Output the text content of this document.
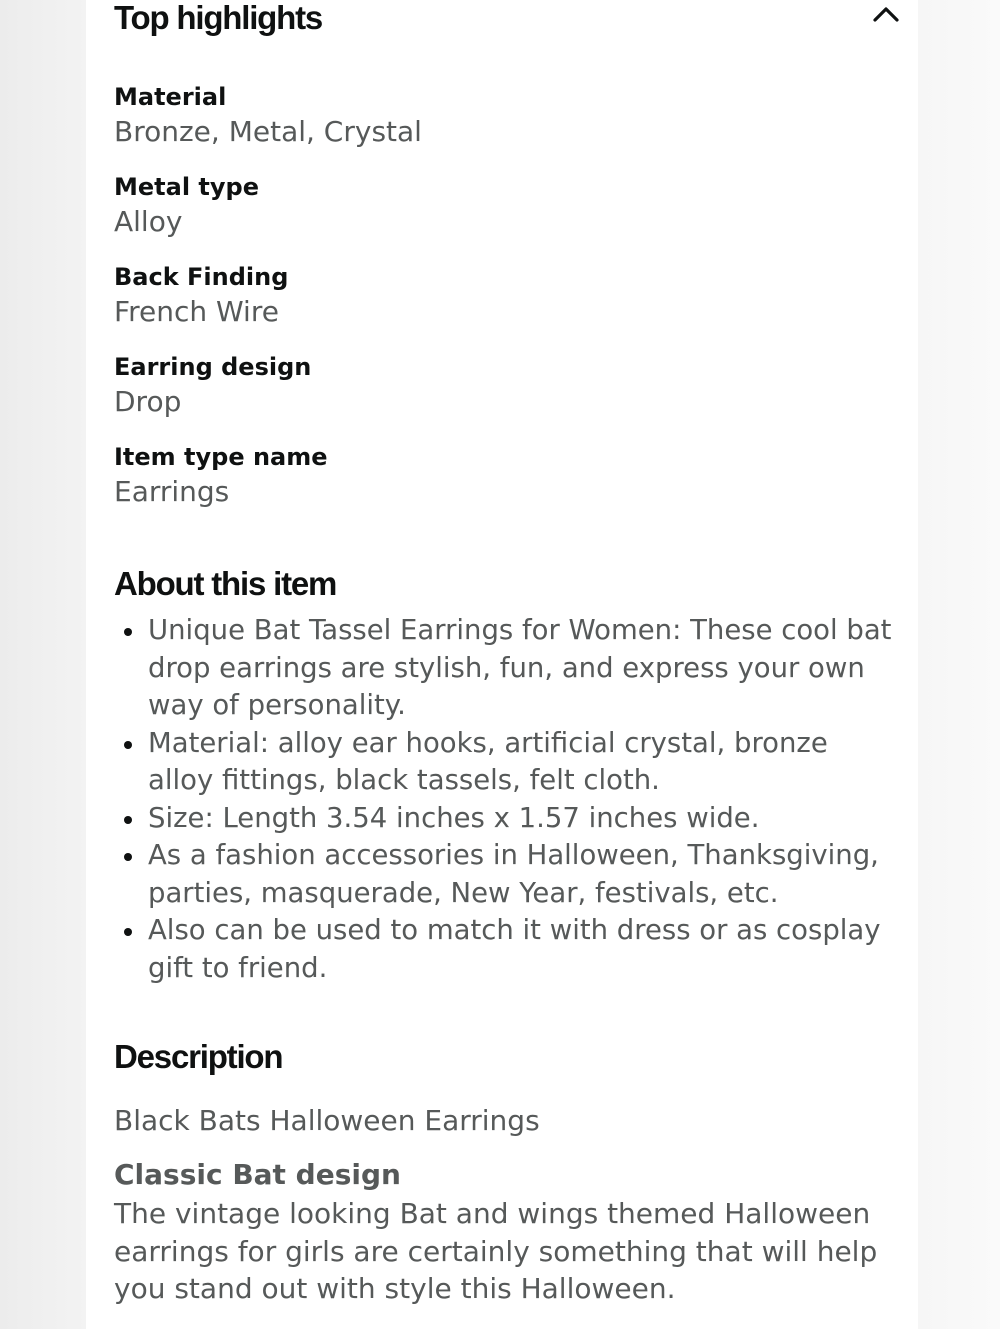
Top highlights
Material
Bronze, Metal, Crystal
Metal type
Alloy
Back Finding
French Wire
Earring design
Drop
Item type name
Earrings
About this item
Unique Bat Tassel Earrings for Women: These cool bat drop earrings are stylish, fun, and express your own way of personality.
Material: alloy ear hooks, artificial crystal, bronze alloy fittings, black tassels, felt cloth.
Size: Length 3.54 inches x 1.57 inches wide.
As a fashion accessories in Halloween, Thanksgiving, parties, masquerade, New Year, festivals, etc.
Also can be used to match it with dress or as cosplay gift to friend.
Description
Black Bats Halloween Earrings
Classic Bat design
The vintage looking Bat and wings themed Halloween earrings for girls are certainly something that will help you stand out with style this Halloween.
